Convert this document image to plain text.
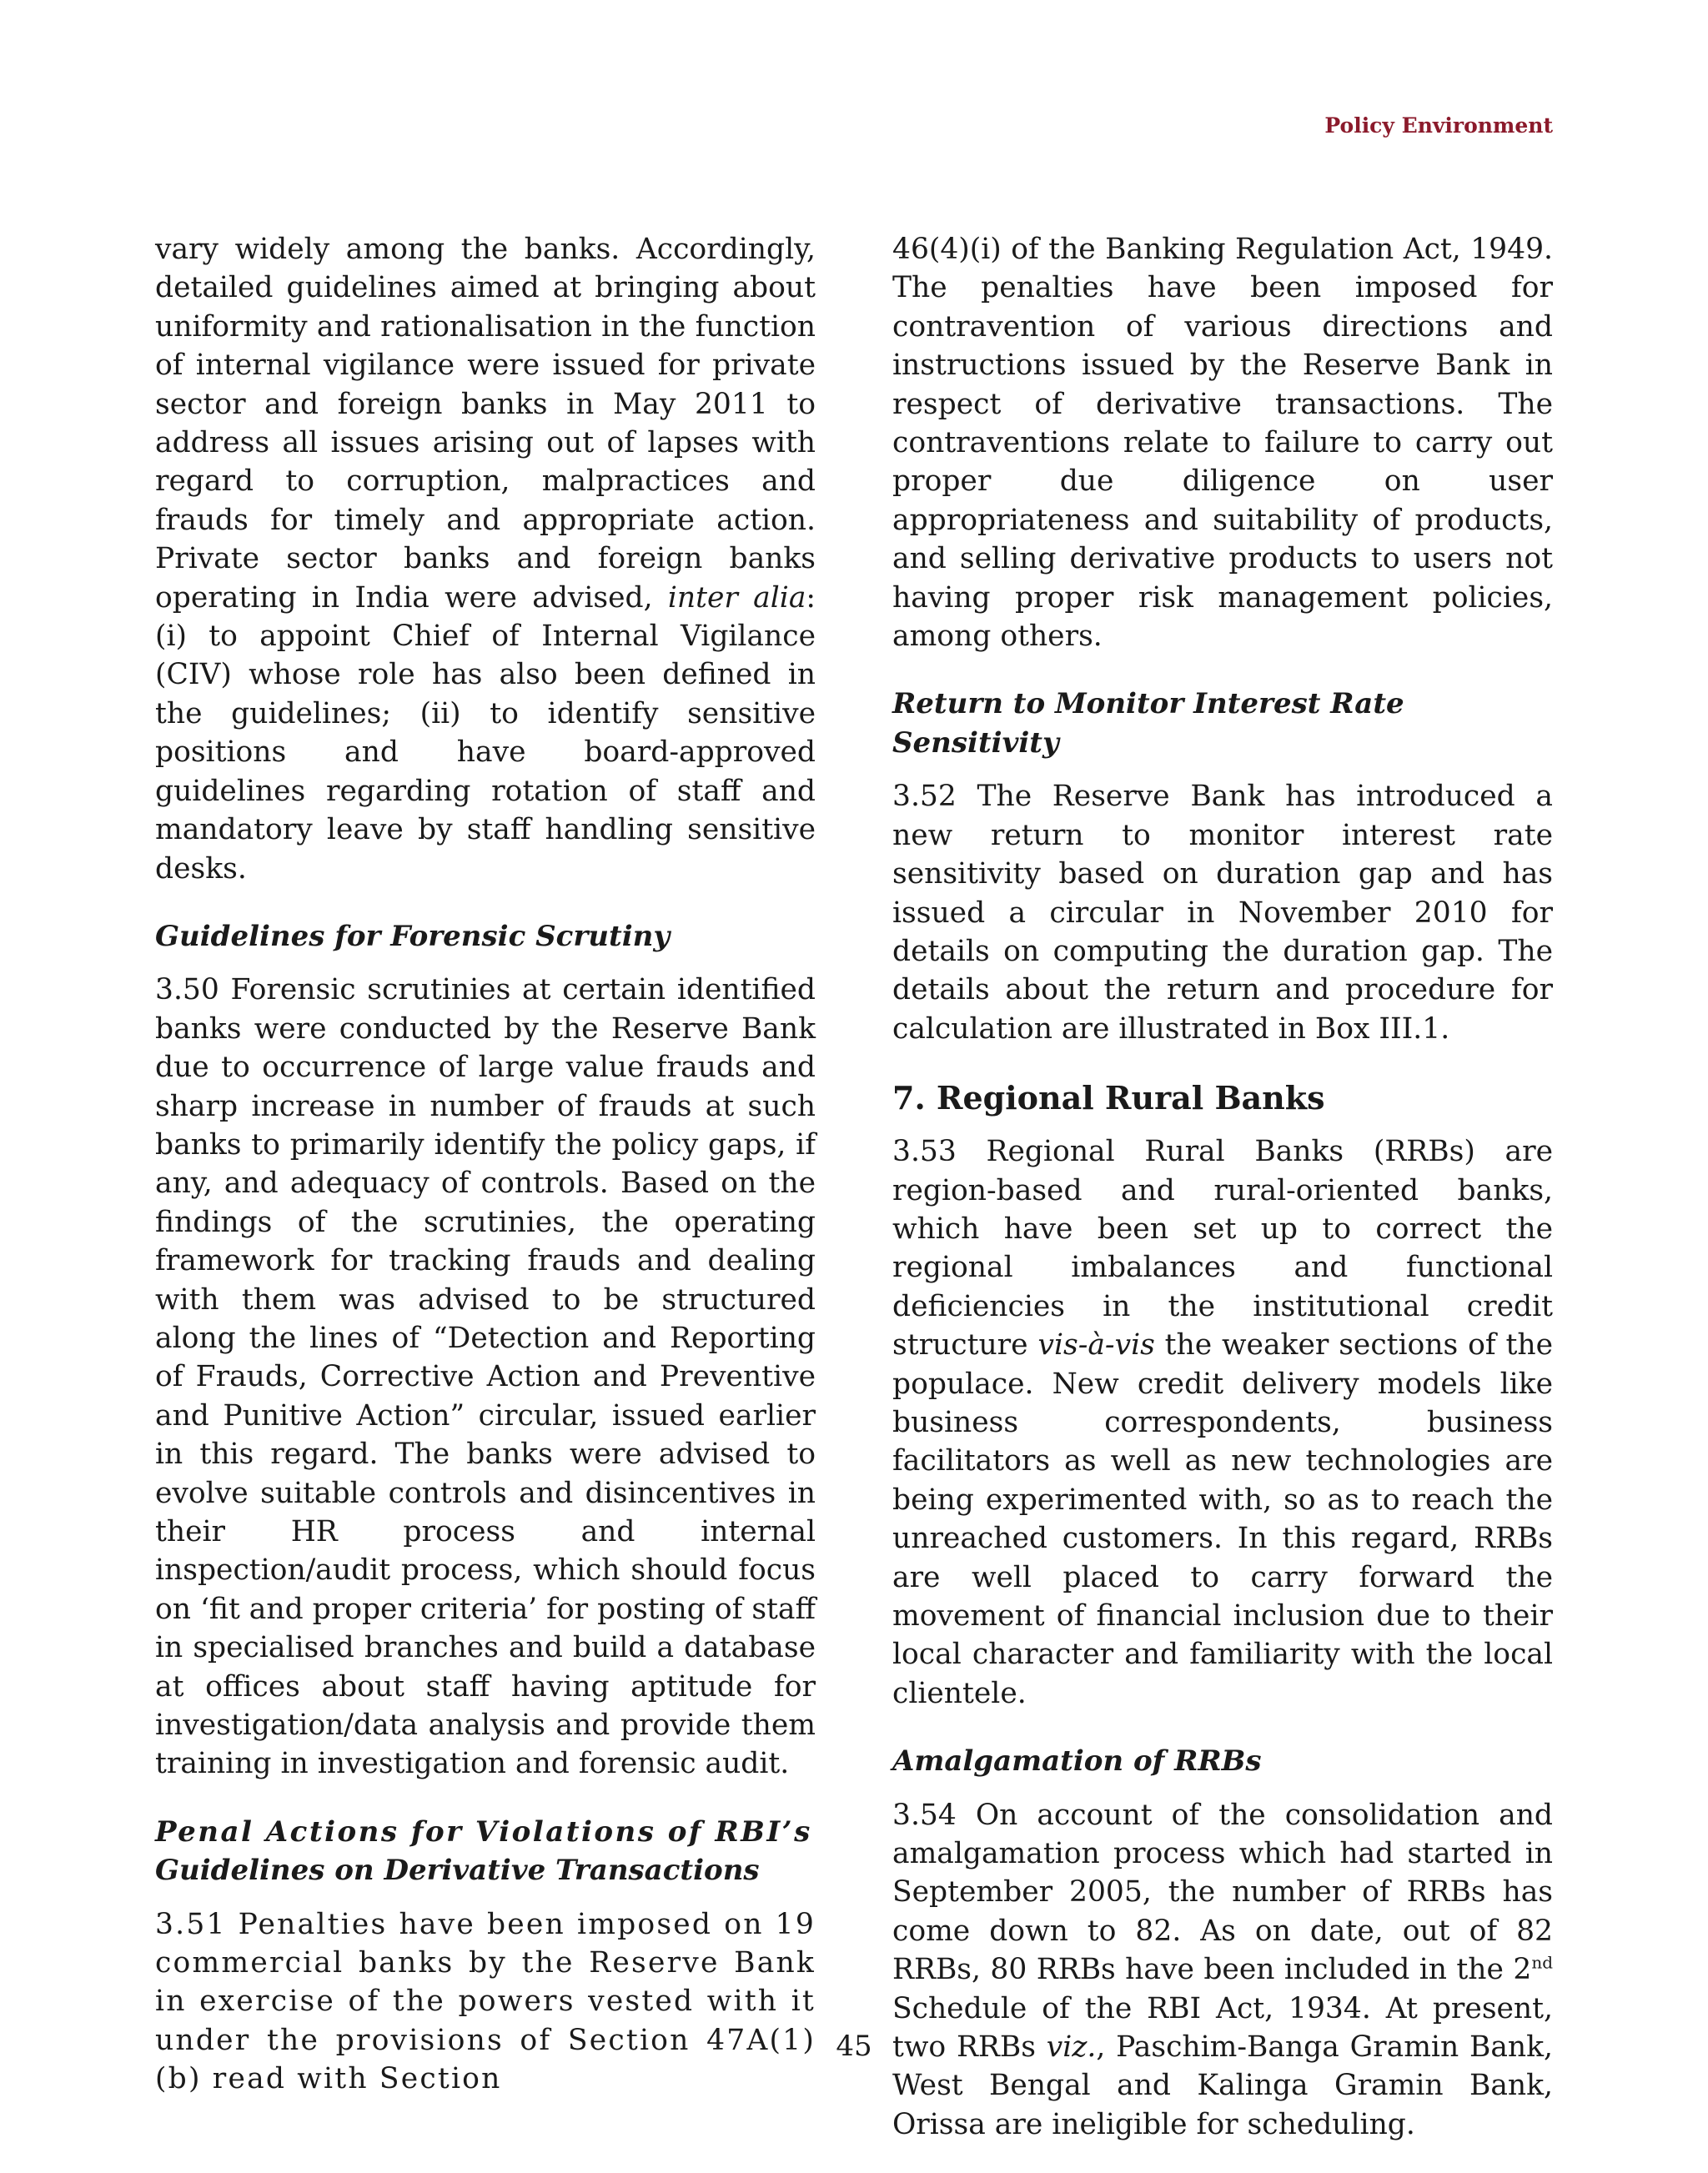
Policy Environment

vary widely among the banks. Accordingly, detailed guidelines aimed at bringing about uniformity and rationalisation in the function of internal vigilance were issued for private sector and foreign banks in May 2011 to address all issues arising out of lapses with regard to corruption, malpractices and frauds for timely and appropriate action. Private sector banks and foreign banks operating in India were advised, inter alia: (i) to appoint Chief of Internal Vigilance (CIV) whose role has also been defined in the guidelines; (ii) to identify sensitive positions and have board-approved guidelines regarding rotation of staff and mandatory leave by staff handling sensitive desks.

Guidelines for Forensic Scrutiny

3.50 Forensic scrutinies at certain identified banks were conducted by the Reserve Bank due to occurrence of large value frauds and sharp increase in number of frauds at such banks to primarily identify the policy gaps, if any, and adequacy of controls. Based on the findings of the scrutinies, the operating framework for tracking frauds and dealing with them was advised to be structured along the lines of “Detection and Reporting of Frauds, Corrective Action and Preventive and Punitive Action” circular, issued earlier in this regard. The banks were advised to evolve suitable controls and disincentives in their HR process and internal inspection/audit process, which should focus on ‘fit and proper criteria’ for posting of staff in specialised branches and build a database at offices about staff having aptitude for investigation/data analysis and provide them training in investigation and forensic audit.

Penal Actions for Violations of RBI’s
Guidelines on Derivative Transactions

3.51 Penalties have been imposed on 19 commercial banks by the Reserve Bank in exercise of the powers vested with it under the provisions of Section 47A(1)(b) read with Section

46(4)(i) of the Banking Regulation Act, 1949. The penalties have been imposed for contravention of various directions and instructions issued by the Reserve Bank in respect of derivative transactions. The contraventions relate to failure to carry out proper due diligence on user appropriateness and suitability of products, and selling derivative products to users not having proper risk management policies, among others.

Return to Monitor Interest Rate Sensitivity

3.52 The Reserve Bank has introduced a new return to monitor interest rate sensitivity based on duration gap and has issued a circular in November 2010 for details on computing the duration gap. The details about the return and procedure for calculation are illustrated in Box III.1.

7. Regional Rural Banks

3.53 Regional Rural Banks (RRBs) are region-based and rural-oriented banks, which have been set up to correct the regional imbalances and functional deficiencies in the institutional credit structure vis-à-vis the weaker sections of the populace. New credit delivery models like business correspondents, business facilitators as well as new technologies are being experimented with, so as to reach the unreached customers. In this regard, RRBs are well placed to carry forward the movement of financial inclusion due to their local character and familiarity with the local clientele.

Amalgamation of RRBs

3.54 On account of the consolidation and amalgamation process which had started in September 2005, the number of RRBs has come down to 82. As on date, out of 82 RRBs, 80 RRBs have been included in the 2nd Schedule of the RBI Act, 1934. At present, two RRBs viz., Paschim-Banga Gramin Bank, West Bengal and Kalinga Gramin Bank, Orissa are ineligible for scheduling.

45
